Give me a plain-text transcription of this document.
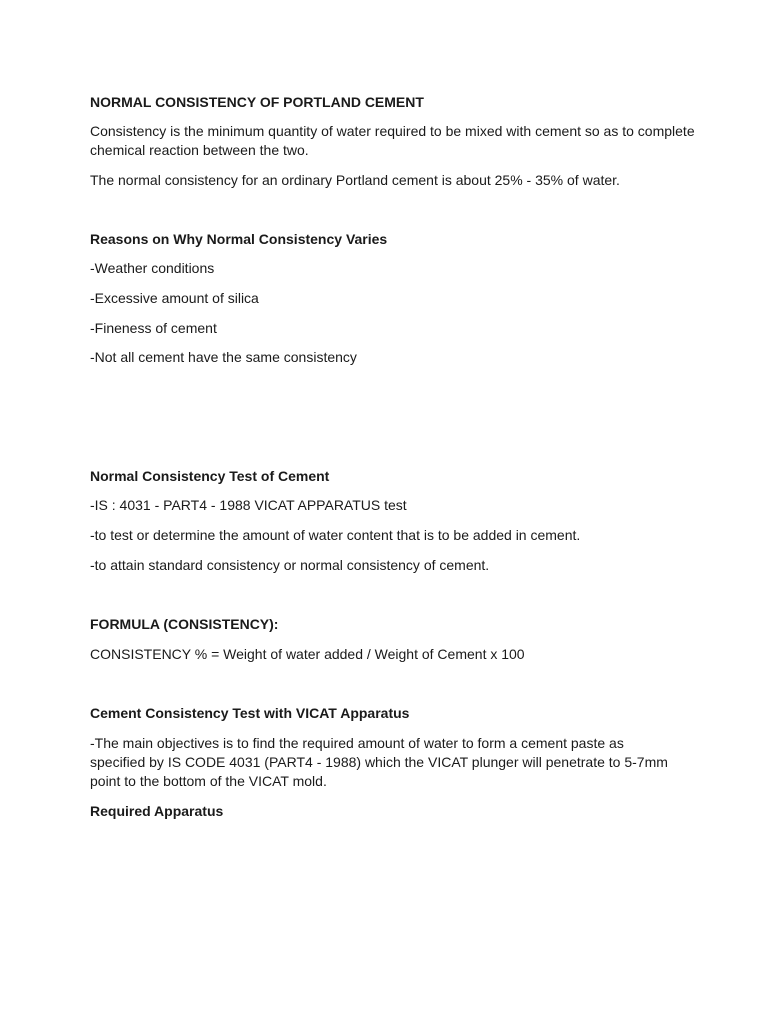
NORMAL CONSISTENCY OF PORTLAND CEMENT
Consistency is the minimum quantity of water required to be mixed with cement so as to complete chemical reaction between the two.
The normal consistency for an ordinary Portland cement is about 25% - 35% of water.
Reasons on Why Normal Consistency Varies
-Weather conditions
-Excessive amount of silica
-Fineness of cement
-Not all cement have the same consistency
Normal Consistency Test of Cement
-IS : 4031 - PART4 - 1988 VICAT APPARATUS test
-to test or determine the amount of water content that is to be added in cement.
-to attain standard consistency or normal consistency of cement.
FORMULA (CONSISTENCY):
CONSISTENCY % = Weight of water added / Weight of Cement x 100
Cement Consistency Test with VICAT Apparatus
-The main objectives is to find the required amount of water to form a cement paste as specified by IS CODE 4031 (PART4 - 1988) which the VICAT plunger will penetrate to 5-7mm point to the bottom of the VICAT mold.
Required Apparatus
